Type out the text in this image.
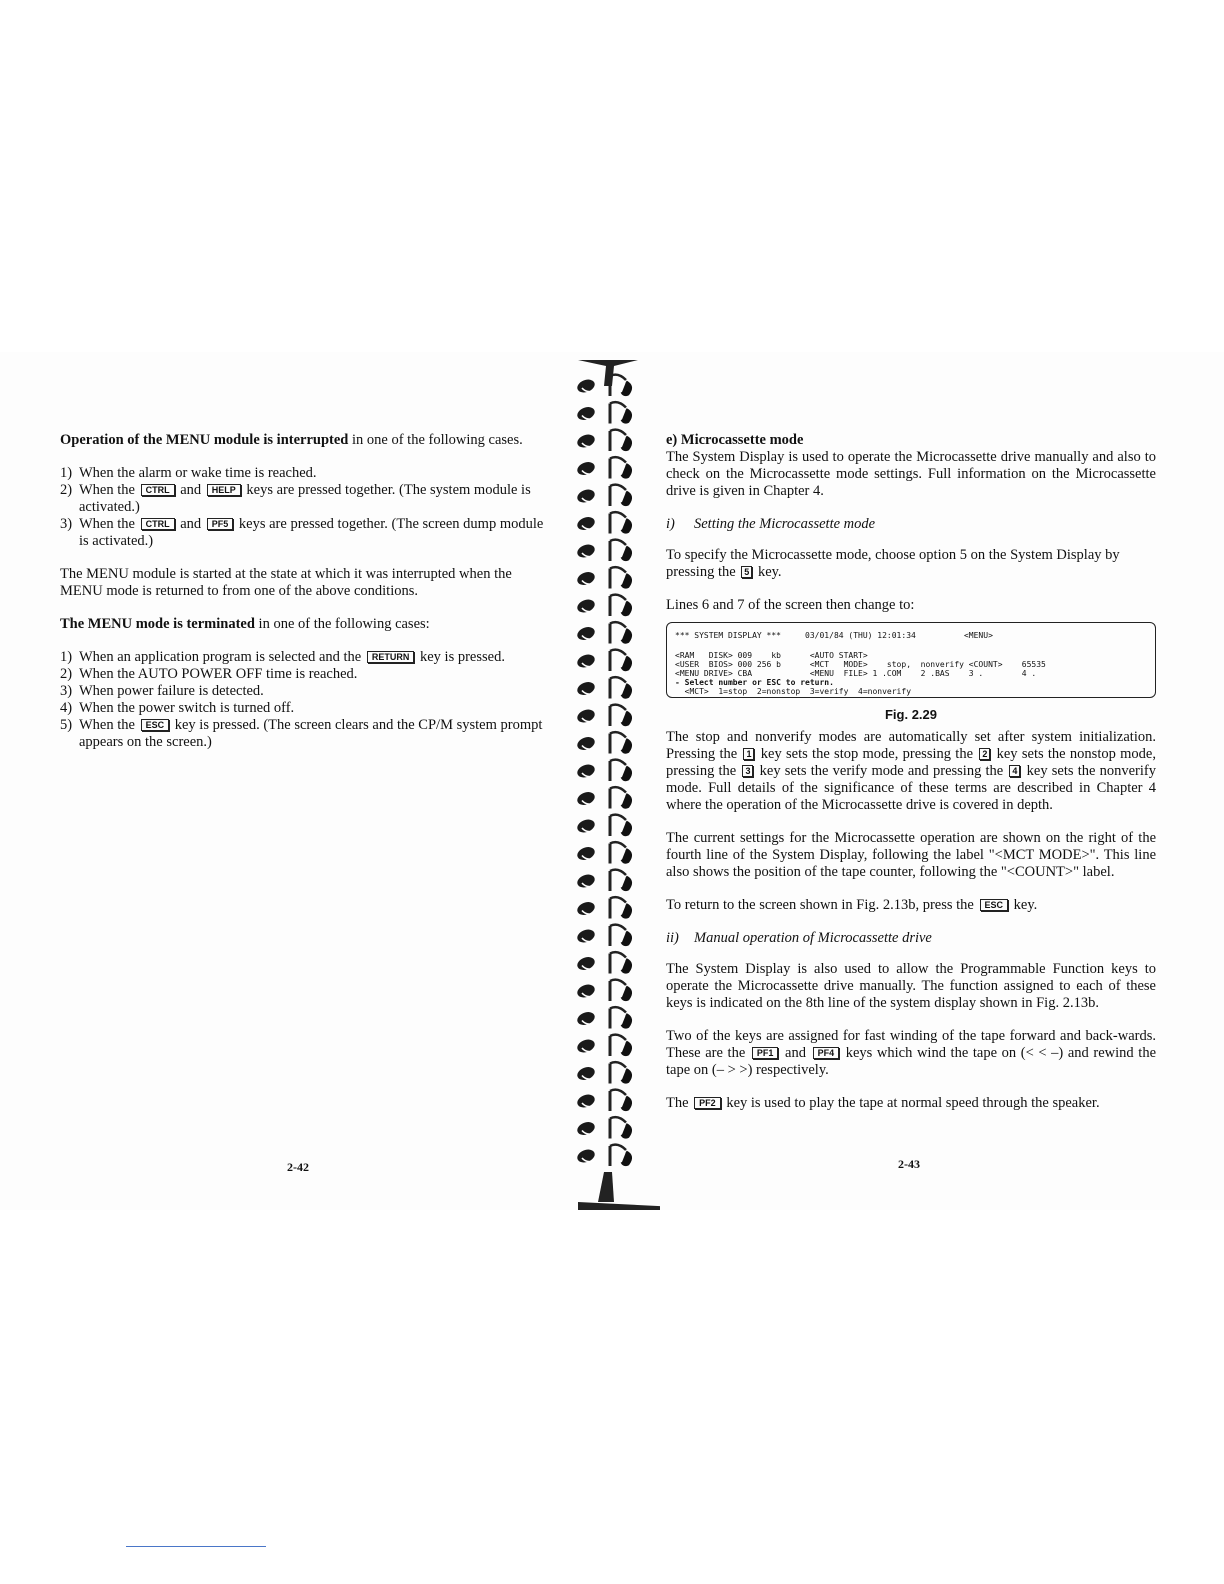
Operation of the MENU module is interrupted in one of the following cases.

1) When the alarm or wake time is reached.
2) When the CTRL and HELP keys are pressed together. (The system module is activated.)
3) When the CTRL and PF5 keys are pressed together. (The screen dump module is activated.)

The MENU module is started at the state at which it was interrupted when the MENU mode is returned to from one of the above conditions.

The MENU mode is terminated in one of the following cases:

1) When an application program is selected and the RETURN key is pressed.
2) When the AUTO POWER OFF time is reached.
3) When power failure is detected.
4) When the power switch is turned off.
5) When the ESC key is pressed. (The screen clears and the CP/M system prompt appears on the screen.)
2-42

e) Microcassette mode

The System Display is used to operate the Microcassette drive manually and also to check on the Microcassette mode settings. Full information on the Microcassette drive is given in Chapter 4.

i) Setting the Microcassette mode

To specify the Microcassette mode, choose option 5 on the System Display by pressing the 5 key.

Lines 6 and 7 of the screen then change to:

*** SYSTEM DISPLAY ***     03/01/84 (THU) 12:01:34          <MENU>
<RAM   DISK> 009    kb      <AUTO START>
<USER  BIOS> 000 256 b      <MCT   MODE>    stop,  nonverify <COUNT>    65535
<MENU DRIVE> CBA            <MENU  FILE> 1 .COM    2 .BAS    3 .        4 .
- Select number or ESC to return.
<MCT>  1=stop  2=nonstop  3=verify  4=nonverify

Fig. 2.29

The stop and nonverify modes are automatically set after system initialization. Pressing the 1 key sets the stop mode, pressing the 2 key sets the nonstop mode, pressing the 3 key sets the verify mode and pressing the 4 key sets the nonverify mode. Full details of the significance of these terms are described in Chapter 4 where the operation of the Microcassette drive is covered in depth.

The current settings for the Microcassette operation are shown on the right of the fourth line of the System Display, following the label "<MCT MODE>". This line also shows the position of the tape counter, following the "<COUNT>" label.

To return to the screen shown in Fig. 2.13b, press the ESC key.

ii) Manual operation of Microcassette drive

The System Display is also used to allow the Programmable Function keys to operate the Microcassette drive manually. The function assigned to each of these keys is indicated on the 8th line of the system display shown in Fig. 2.13b.

Two of the keys are assigned for fast winding of the tape forward and back-wards. These are the PF1 and PF4 keys which wind the tape on (< < –) and rewind the tape on (– > >) respectively.

The PF2 key is used to play the tape at normal speed through the speaker.

2-43
